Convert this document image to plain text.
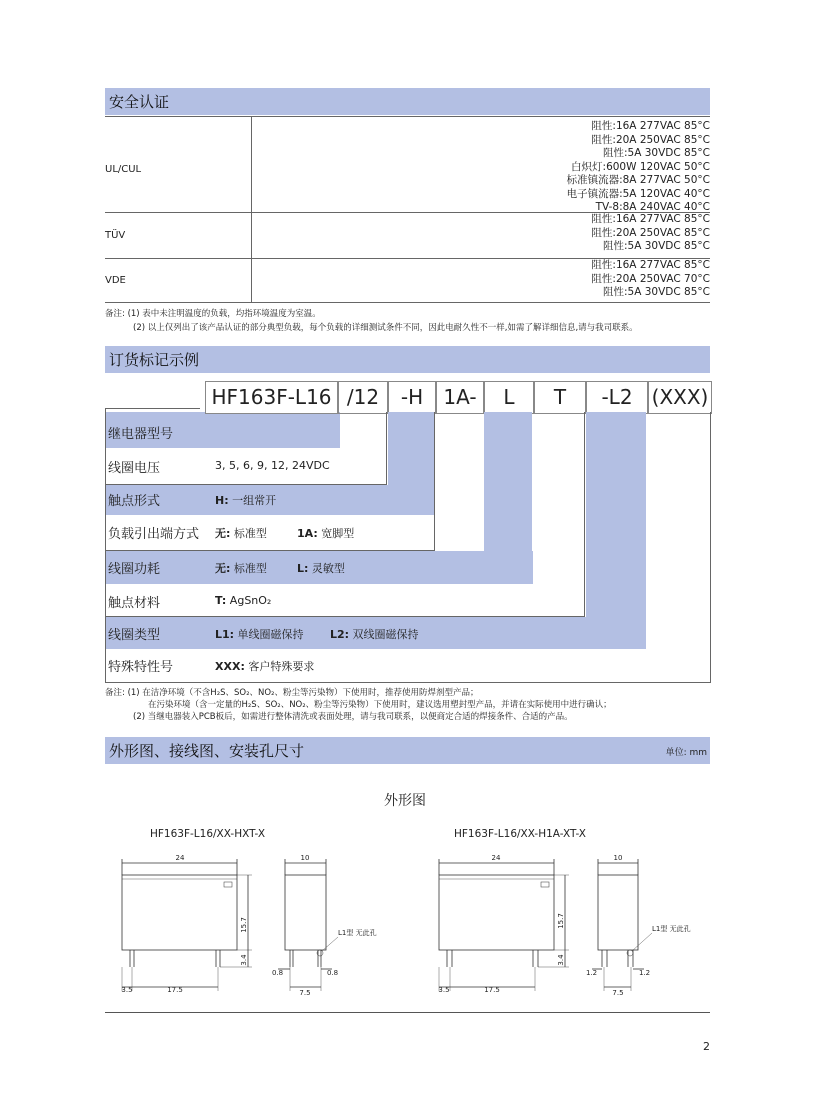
安全认证
UL/CUL
阻性:16A 277VAC 85°C
阻性:20A 250VAC 85°C
阻性:5A 30VDC 85°C
白炽灯:600W 120VAC 50°C
标准镇流器:8A 277VAC 50°C
电子镇流器:5A 120VAC 40°C
TV-8:8A 240VAC 40°C
TÜV
阻性:16A 277VAC 85°C
阻性:20A 250VAC 85°C
阻性:5A 30VDC 85°C
VDE
阻性:16A 277VAC 85°C
阻性:20A 250VAC 70°C
阻性:5A 30VDC 85°C
备注: (1) 表中未注明温度的负载，均指环境温度为室温。
(2) 以上仅列出了该产品认证的部分典型负载，每个负载的详细测试条件不同，因此电耐久性不一样,如需了解详细信息,请与我司联系。
订货标记示例
HF163F-L16 /12	-H	1A-	L	T	-L2 (XXX)
继电器型号
线圈电压	3, 5, 6, 9, 12, 24VDC
触点形式	H: 一组常开
负载引出端方式 无: 标准型	1A: 宽脚型
线圈功耗	无: 标准型	L: 灵敏型
触点材料	T: AgSnO₂
线圈类型	L1: 单线圈磁保持 L2: 双线圈磁保持
特殊特性号	XXX: 客户特殊要求
备注: (1) 在洁净环境（不含H₂S、SO₂、NO₂、粉尘等污染物）下使用时，推荐使用防焊剂型产品；
在污染环境（含一定量的H₂S、SO₂、NO₂、粉尘等污染物）下使用时，建议选用塑封型产品，并请在实际使用中进行确认；
(2) 当继电器装入PCB板后，如需进行整体清洗或表面处理，请与我司联系，以便商定合适的焊接条件、合适的产品。
外形图、接线图、安装孔尺寸	单位: mm
外形图
HF163F-L16/XX-HXT-X	HF163F-L16/XX-H1A-XT-X
24
15.7
3.4
3.5	17.5
10
0.8	0.8
7.5
L1型 无此孔
24
15.7
3.4
3.5	17.5
10
1.2	1.2
7.5
L1型 无此孔
2
